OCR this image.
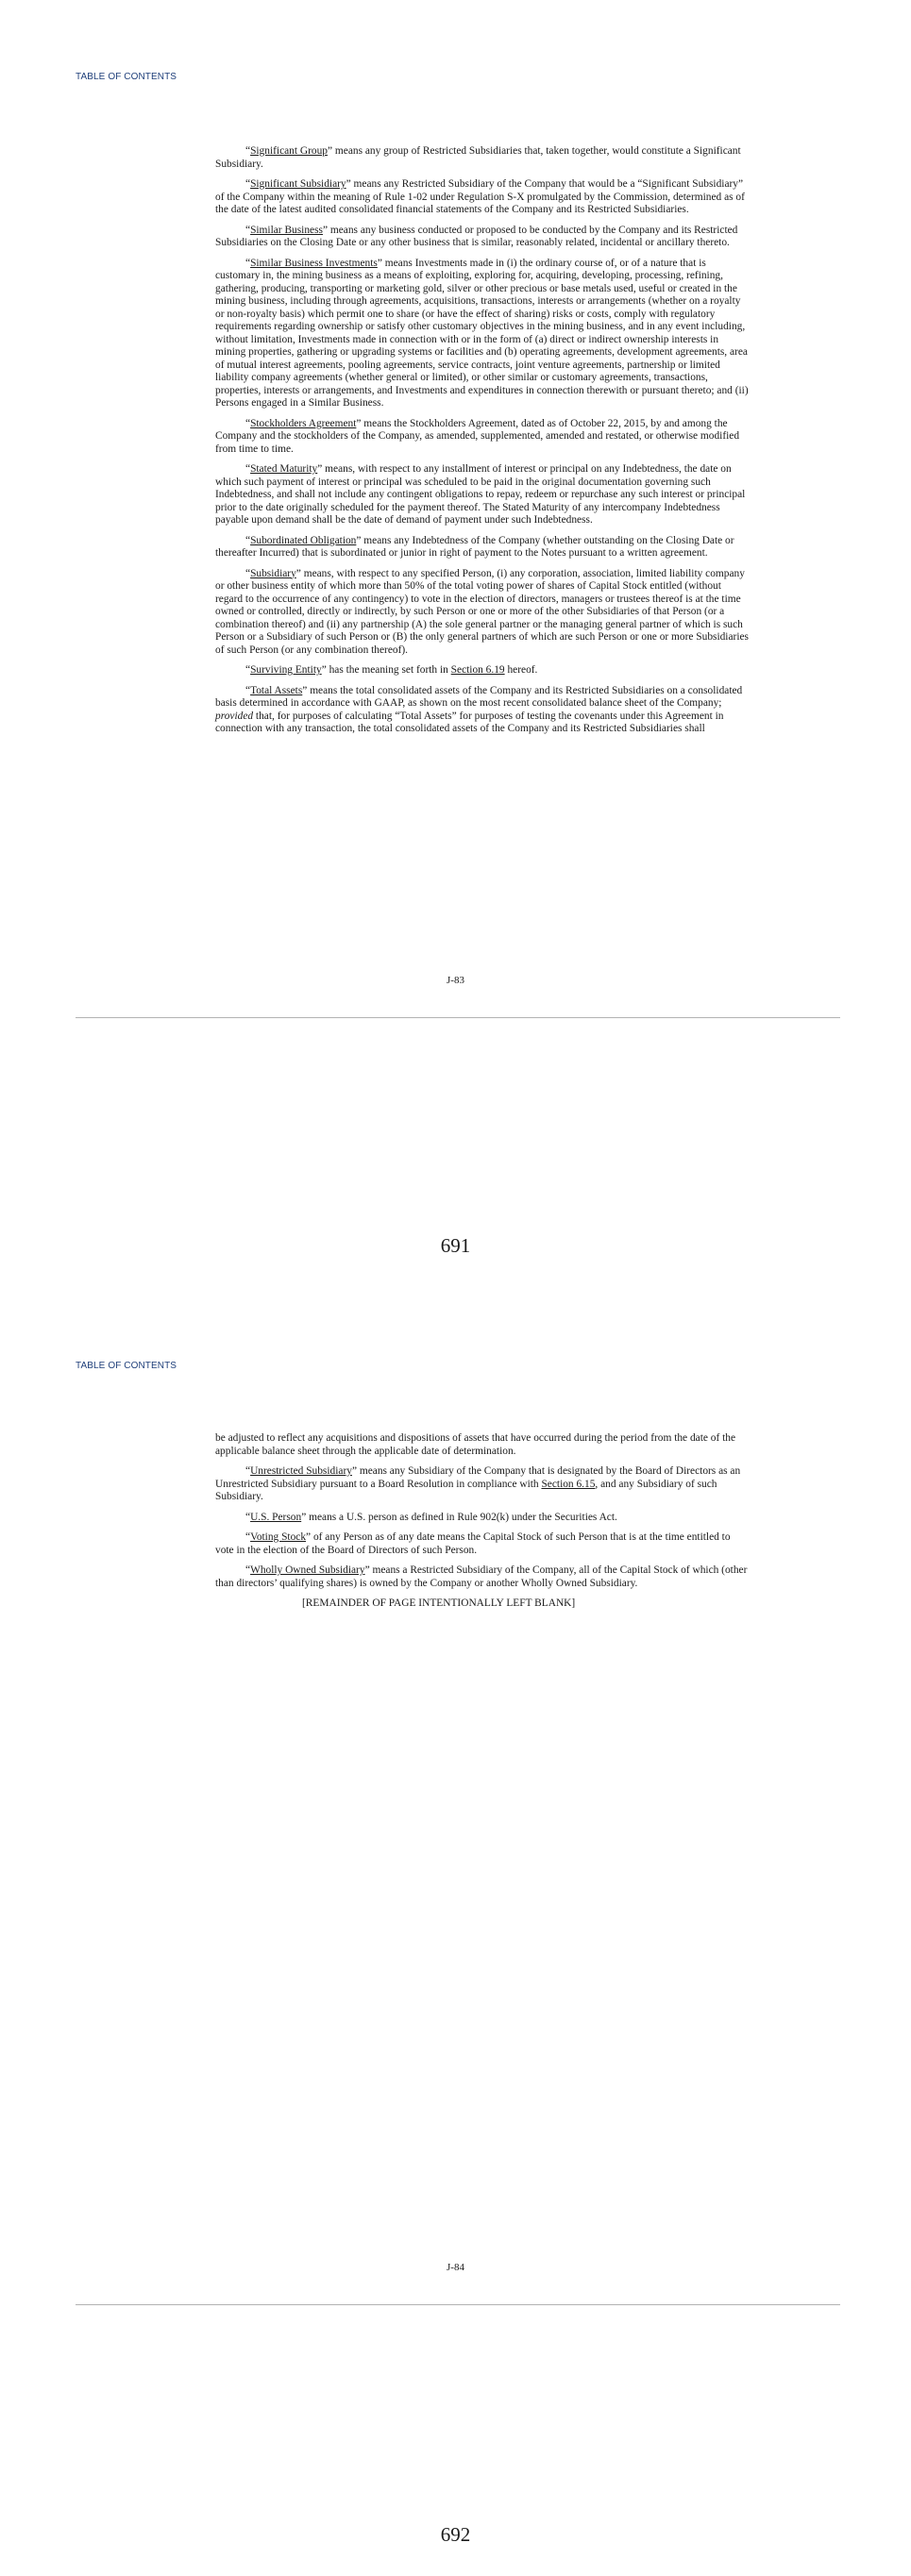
TABLE OF CONTENTS

“Significant Group” means any group of Restricted Subsidiaries that, taken together, would constitute a Significant Subsidiary.

“Significant Subsidiary” means any Restricted Subsidiary of the Company that would be a “Significant Subsidiary” of the Company within the meaning of Rule 1-02 under Regulation S-X promulgated by the Commission, determined as of the date of the latest audited consolidated financial statements of the Company and its Restricted Subsidiaries.

“Similar Business” means any business conducted or proposed to be conducted by the Company and its Restricted Subsidiaries on the Closing Date or any other business that is similar, reasonably related, incidental or ancillary thereto.

“Similar Business Investments” means Investments made in (i) the ordinary course of, or of a nature that is customary in, the mining business as a means of exploiting, exploring for, acquiring, developing, processing, refining, gathering, producing, transporting or marketing gold, silver or other precious or base metals used, useful or created in the mining business, including through agreements, acquisitions, transactions, interests or arrangements (whether on a royalty or non-royalty basis) which permit one to share (or have the effect of sharing) risks or costs, comply with regulatory requirements regarding ownership or satisfy other customary objectives in the mining business, and in any event including, without limitation, Investments made in connection with or in the form of (a) direct or indirect ownership interests in mining properties, gathering or upgrading systems or facilities and (b) operating agreements, development agreements, area of mutual interest agreements, pooling agreements, service contracts, joint venture agreements, partnership or limited liability company agreements (whether general or limited), or other similar or customary agreements, transactions, properties, interests or arrangements, and Investments and expenditures in connection therewith or pursuant thereto; and (ii) Persons engaged in a Similar Business.

“Stockholders Agreement” means the Stockholders Agreement, dated as of October 22, 2015, by and among the Company and the stockholders of the Company, as amended, supplemented, amended and restated, or otherwise modified from time to time.

“Stated Maturity” means, with respect to any installment of interest or principal on any Indebtedness, the date on which such payment of interest or principal was scheduled to be paid in the original documentation governing such Indebtedness, and shall not include any contingent obligations to repay, redeem or repurchase any such interest or principal prior to the date originally scheduled for the payment thereof. The Stated Maturity of any intercompany Indebtedness payable upon demand shall be the date of demand of payment under such Indebtedness.

“Subordinated Obligation” means any Indebtedness of the Company (whether outstanding on the Closing Date or thereafter Incurred) that is subordinated or junior in right of payment to the Notes pursuant to a written agreement.

“Subsidiary” means, with respect to any specified Person, (i) any corporation, association, limited liability company or other business entity of which more than 50% of the total voting power of shares of Capital Stock entitled (without regard to the occurrence of any contingency) to vote in the election of directors, managers or trustees thereof is at the time owned or controlled, directly or indirectly, by such Person or one or more of the other Subsidiaries of that Person (or a combination thereof) and (ii) any partnership (A) the sole general partner or the managing general partner of which is such Person or a Subsidiary of such Person or (B) the only general partners of which are such Person or one or more Subsidiaries of such Person (or any combination thereof).

“Surviving Entity” has the meaning set forth in Section 6.19 hereof.

“Total Assets” means the total consolidated assets of the Company and its Restricted Subsidiaries on a consolidated basis determined in accordance with GAAP, as shown on the most recent consolidated balance sheet of the Company; provided that, for purposes of calculating “Total Assets” for purposes of testing the covenants under this Agreement in connection with any transaction, the total consolidated assets of the Company and its Restricted Subsidiaries shall

J-83
691
TABLE OF CONTENTS

be adjusted to reflect any acquisitions and dispositions of assets that have occurred during the period from the date of the applicable balance sheet through the applicable date of determination.

“Unrestricted Subsidiary” means any Subsidiary of the Company that is designated by the Board of Directors as an Unrestricted Subsidiary pursuant to a Board Resolution in compliance with Section 6.15, and any Subsidiary of such Subsidiary.

“U.S. Person” means a U.S. person as defined in Rule 902(k) under the Securities Act.

“Voting Stock” of any Person as of any date means the Capital Stock of such Person that is at the time entitled to vote in the election of the Board of Directors of such Person.

“Wholly Owned Subsidiary” means a Restricted Subsidiary of the Company, all of the Capital Stock of which (other than directors’ qualifying shares) is owned by the Company or another Wholly Owned Subsidiary.

[REMAINDER OF PAGE INTENTIONALLY LEFT BLANK]

J-84
692
